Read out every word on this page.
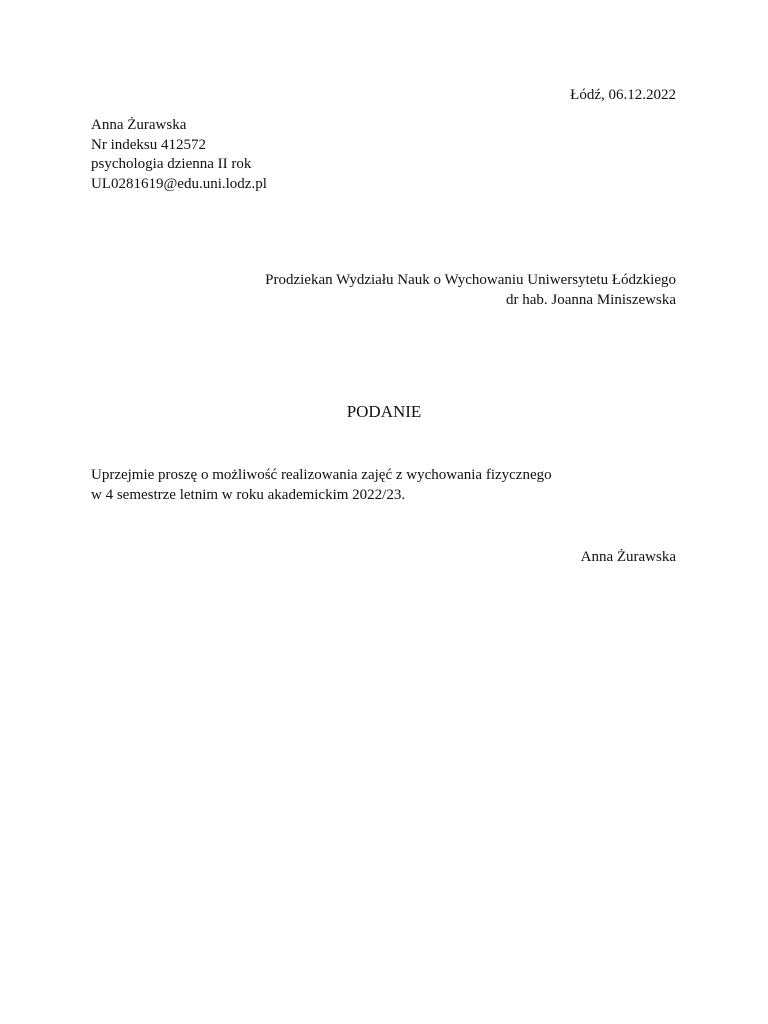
Łódź, 06.12.2022
Anna Żurawska
Nr indeksu 412572
psychologia dzienna II rok
UL0281619@edu.uni.lodz.pl
Prodziekan Wydziału Nauk o Wychowaniu Uniwersytetu Łódzkiego
dr hab. Joanna Miniszewska
PODANIE
Uprzejmie proszę o możliwość realizowania zajęć z wychowania fizycznego
w 4 semestrze letnim w roku akademickim 2022/23.
Anna Żurawska
